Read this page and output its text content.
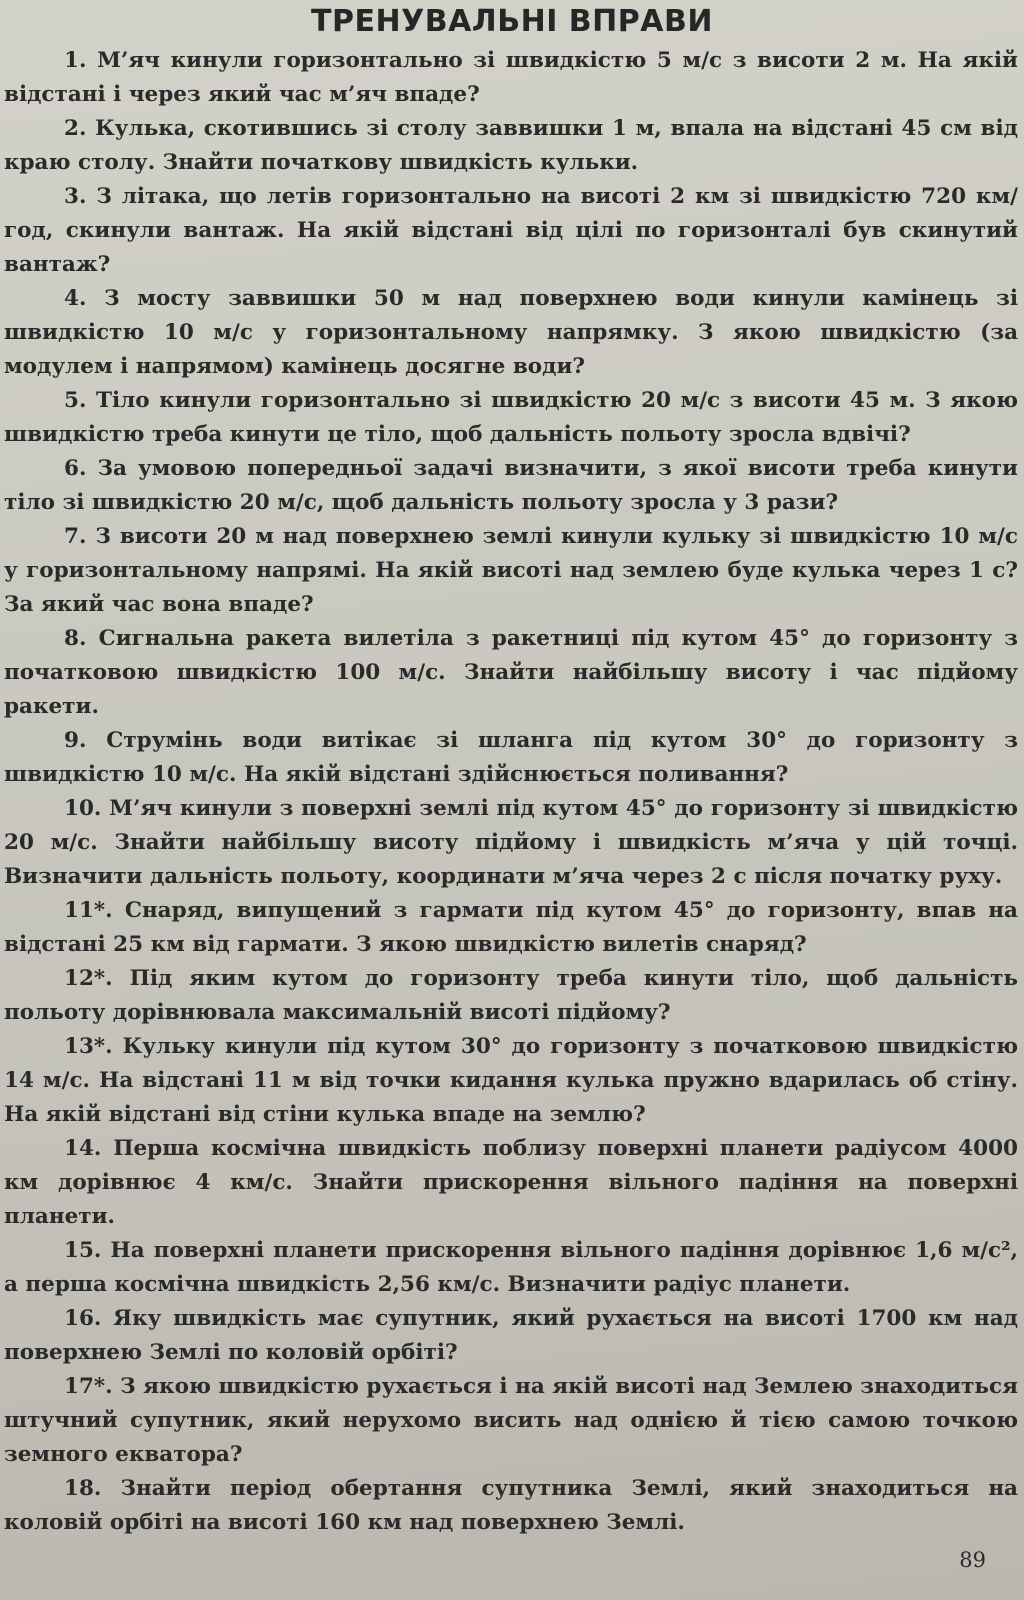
ТРЕНУВАЛЬНІ ВПРАВИ
1. М’яч кинули горизонтально зі швидкістю 5 м/с з висоти 2 м. На якій відстані і через який час м’яч впаде?
2. Кулька, скотившись зі столу заввишки 1 м, впала на відстані 45 см від краю столу. Знайти початкову швидкість кульки.
3. З літака, що летів горизонтально на висоті 2 км зі швидкістю 720 км/год, скинули вантаж. На якій відстані від цілі по горизонталі був скинутий вантаж?
4. З мосту заввишки 50 м над поверхнею води кинули камінець зі швидкістю 10 м/с у горизонтальному напрямку. З якою швидкістю (за модулем і напрямом) камінець досягне води?
5. Тіло кинули горизонтально зі швидкістю 20 м/с з висоти 45 м. З якою швидкістю треба кинути це тіло, щоб дальність польоту зросла вдвічі?
6. За умовою попередньої задачі визначити, з якої висоти треба кинути тіло зі швидкістю 20 м/с, щоб дальність польоту зросла у 3 рази?
7. З висоти 20 м над поверхнею землі кинули кульку зі швидкістю 10 м/с у горизонтальному напрямі. На якій висоті над землею буде кулька через 1 с? За який час вона впаде?
8. Сигнальна ракета вилетіла з ракетниці під кутом 45° до горизонту з початковою швидкістю 100 м/с. Знайти найбільшу висоту і час підйому ракети.
9. Струмінь води витікає зі шланга під кутом 30° до горизонту з швидкістю 10 м/с. На якій відстані здійснюється поливання?
10. М’яч кинули з поверхні землі під кутом 45° до горизонту зі швидкістю 20 м/с. Знайти найбільшу висоту підйому і швидкість м’яча у цій точці. Визначити дальність польоту, координати м’яча через 2 с після початку руху.
11*. Снаряд, випущений з гармати під кутом 45° до горизонту, впав на відстані 25 км від гармати. З якою швидкістю вилетів снаряд?
12*. Під яким кутом до горизонту треба кинути тіло, щоб дальність польоту дорівнювала максимальній висоті підйому?
13*. Кульку кинули під кутом 30° до горизонту з початковою швидкістю 14 м/с. На відстані 11 м від точки кидання кулька пружно вдарилась об стіну. На якій відстані від стіни кулька впаде на землю?
14. Перша космічна швидкість поблизу поверхні планети радіусом 4000 км дорівнює 4 км/с. Знайти прискорення вільного падіння на поверхні планети.
15. На поверхні планети прискорення вільного падіння дорівнює 1,6 м/с², а перша космічна швидкість 2,56 км/с. Визначити радіус планети.
16. Яку швидкість має супутник, який рухається на висоті 1700 км над поверхнею Землі по коловій орбіті?
17*. З якою швидкістю рухається і на якій висоті над Землею знаходиться штучний супутник, який нерухомо висить над однією й тією самою точкою земного екватора?
18. Знайти період обертання супутника Землі, який знаходиться на коловій орбіті на висоті 160 км над поверхнею Землі.
89
